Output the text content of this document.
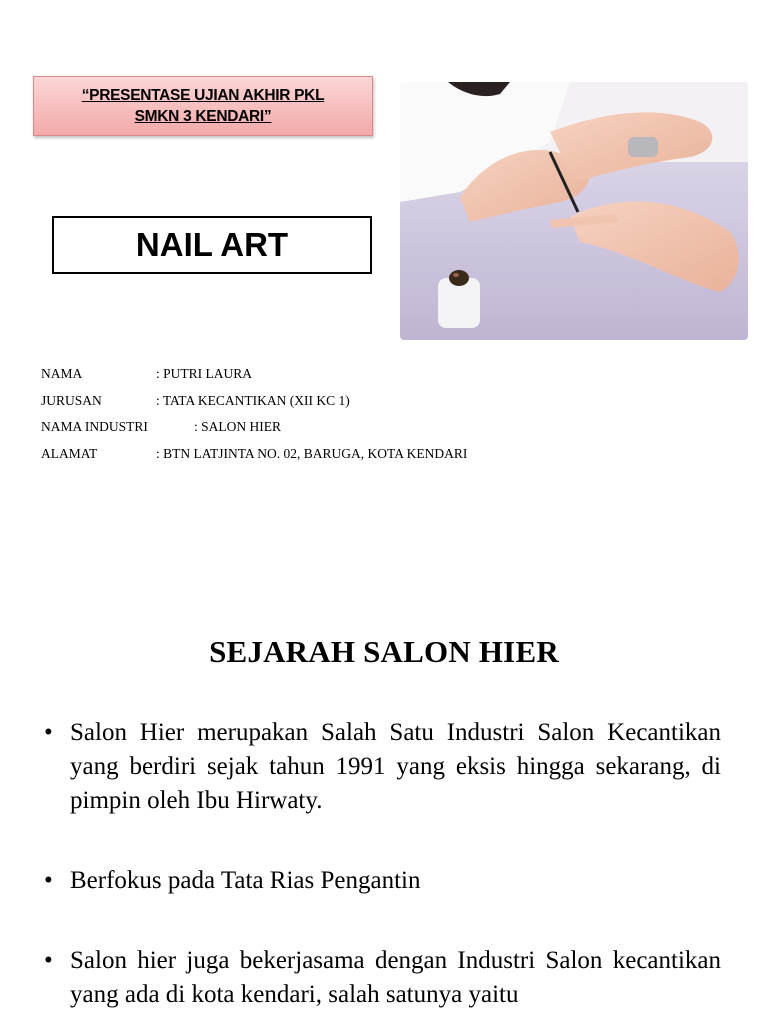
“PRESENTASE UJIAN AKHIR PKL
SMKN 3 KENDARI”
NAIL ART
NAMA	: PUTRI LAURA
JURUSAN	: TATA KECANTIKAN (XII KC 1)
NAMA INDUSTRI	: SALON HIER
ALAMAT	: BTN LATJINTA NO. 02, BARUGA, KOTA KENDARI
SEJARAH SALON HIER
• Salon Hier merupakan Salah Satu Industri Salon Kecantikan yang berdiri sejak tahun 1991 yang eksis hingga sekarang, di pimpin oleh Ibu Hirwaty.
• Berfokus pada Tata Rias Pengantin
• Salon hier juga bekerjasama dengan Industri Salon kecantikan yang ada di kota kendari, salah satunya yaitu
